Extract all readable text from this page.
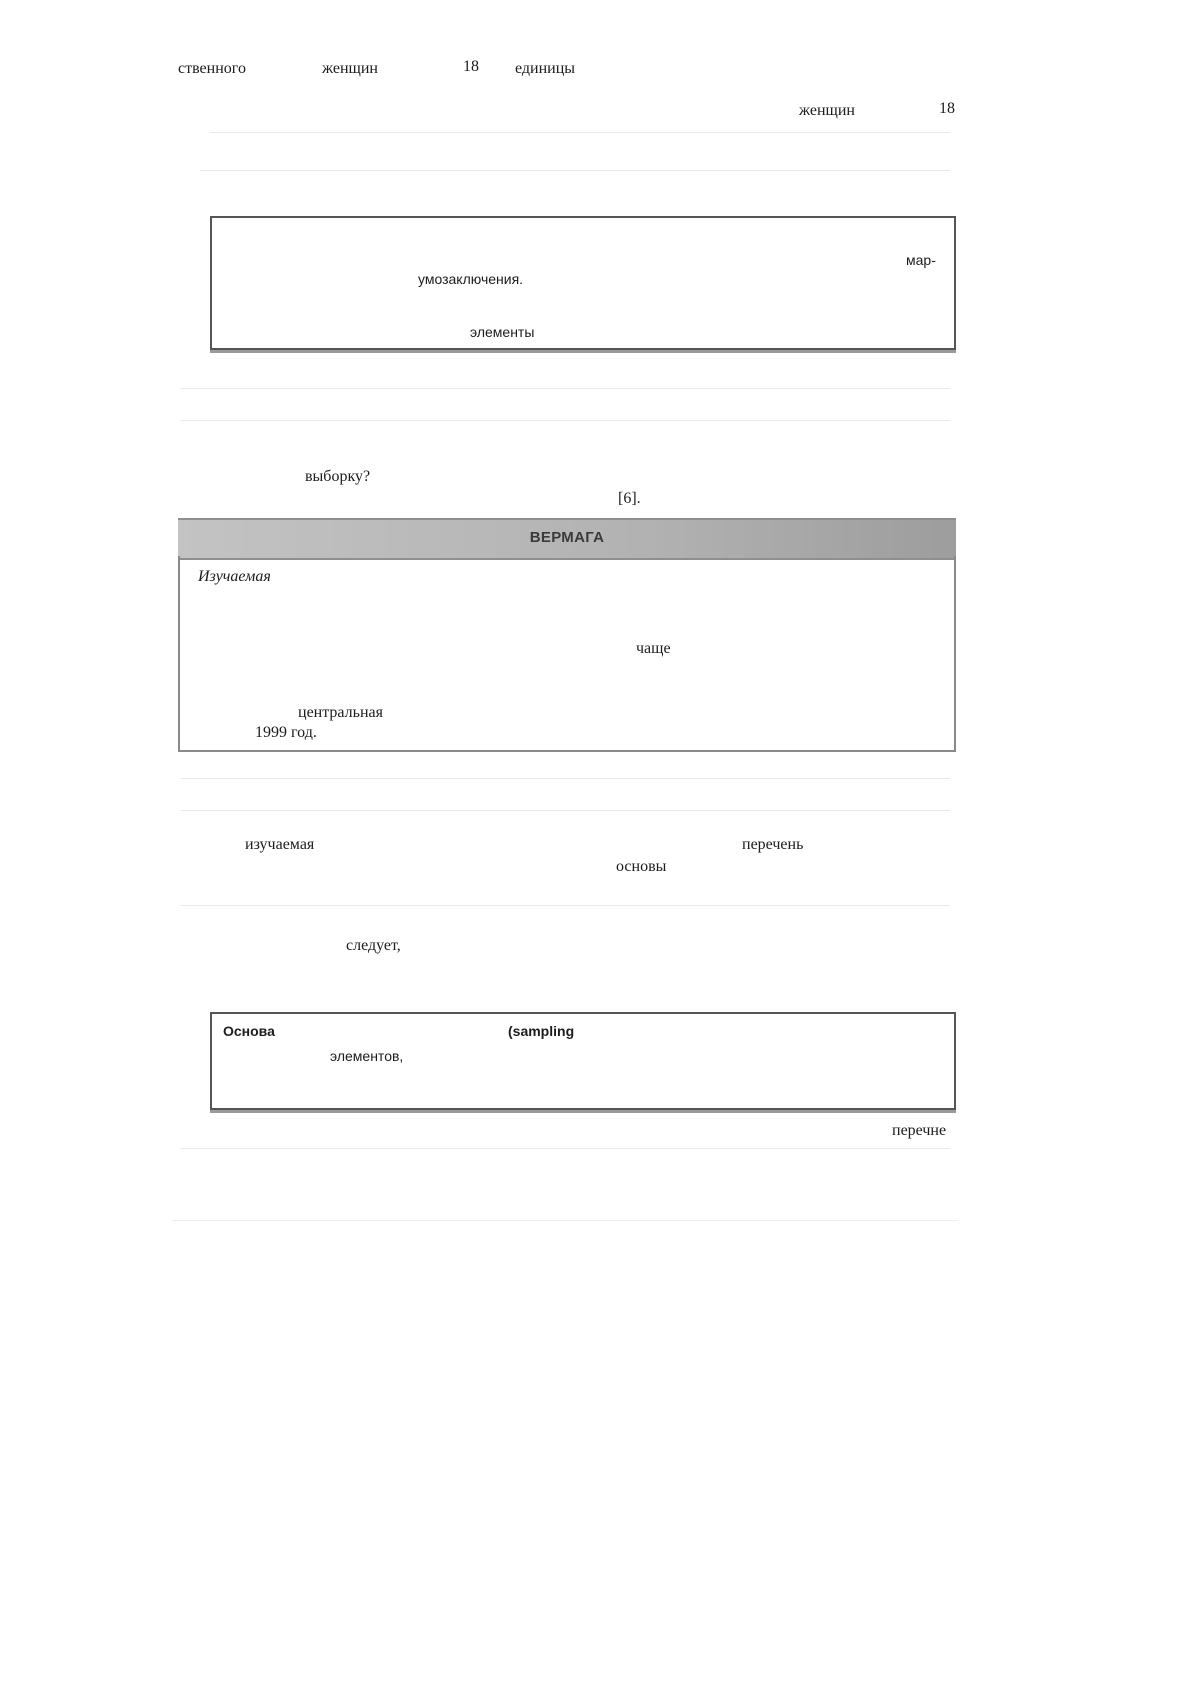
ственного	женщин	18 единицы
женщин	18
мар-
умозаключения.
элементы
выборку?
[6].
ВЕРМАГА
Изучаемая
чаще
центральная
1999 год.
изучаемая	перечень
основы
следует,
Основа	(sampling
элементов,
перечне
